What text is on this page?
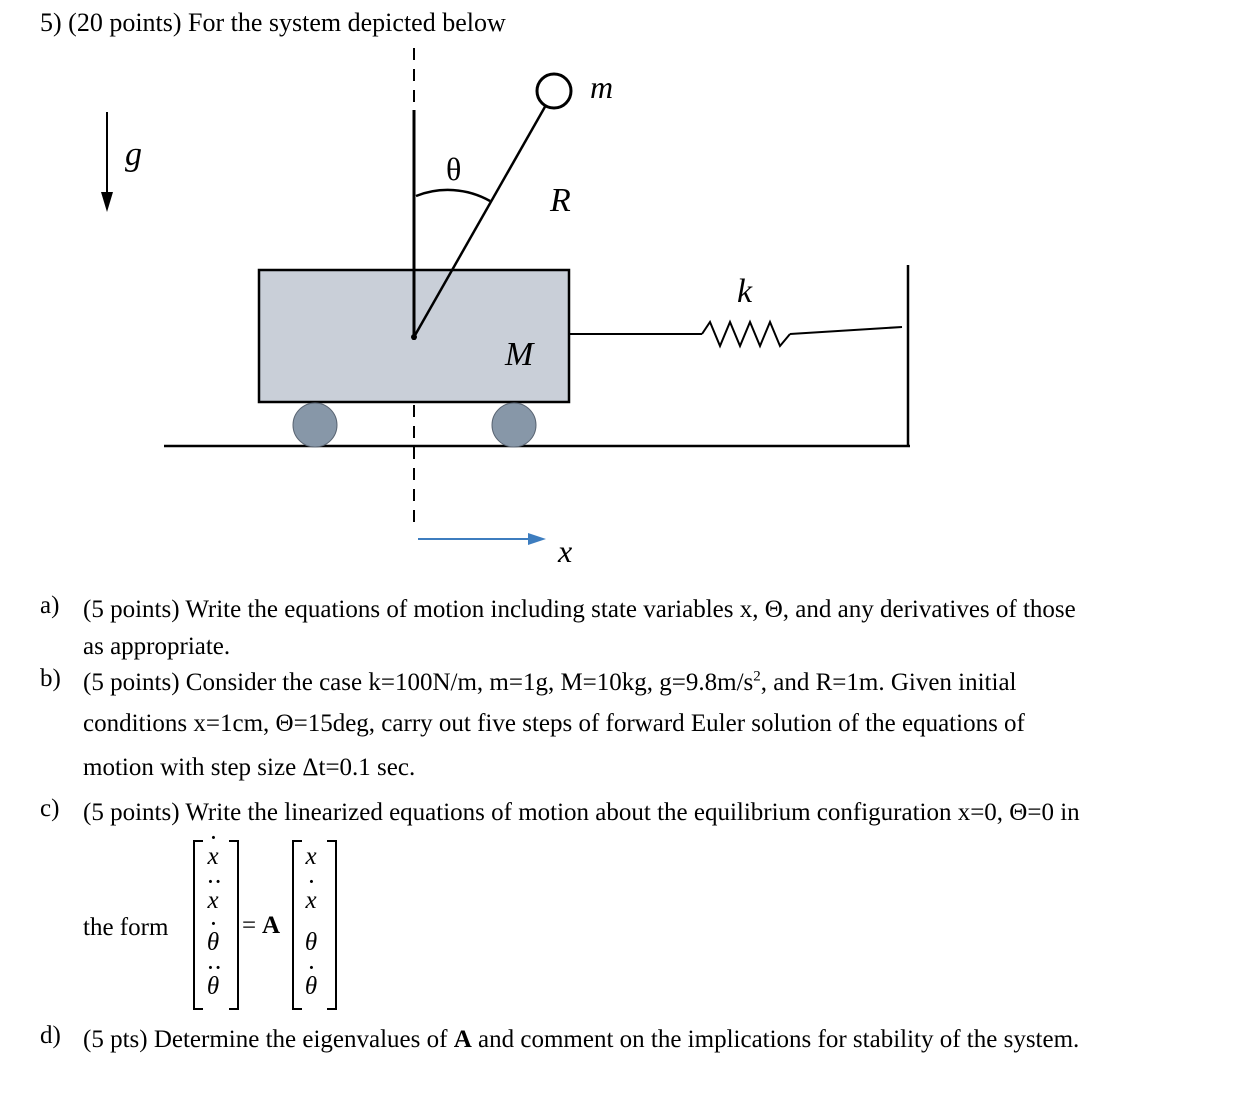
5) (20 points) For the system depicted below
g
M
m
R
θ
k
x
a) (5 points) Write the equations of motion including state variables x, Θ, and any derivatives of those
as appropriate.
b) (5 points) Consider the case k=100N/m, m=1g, M=10kg, $g=9.8m/s^2$, and R=1m. Given initial
conditions x=1cm, Θ=15deg, carry out five steps of forward Euler solution of the equations of
motion with step size Δt=0.1 sec.
c) (5 points) Write the linearized equations of motion about the equilibrium configuration x=0, Θ=0 in
the form
· x
·· x
· θ
·· θ
= A
x
· x
θ
· θ
d) (5 pts) Determine the eigenvalues of A and comment on the implications for stability of the system.
